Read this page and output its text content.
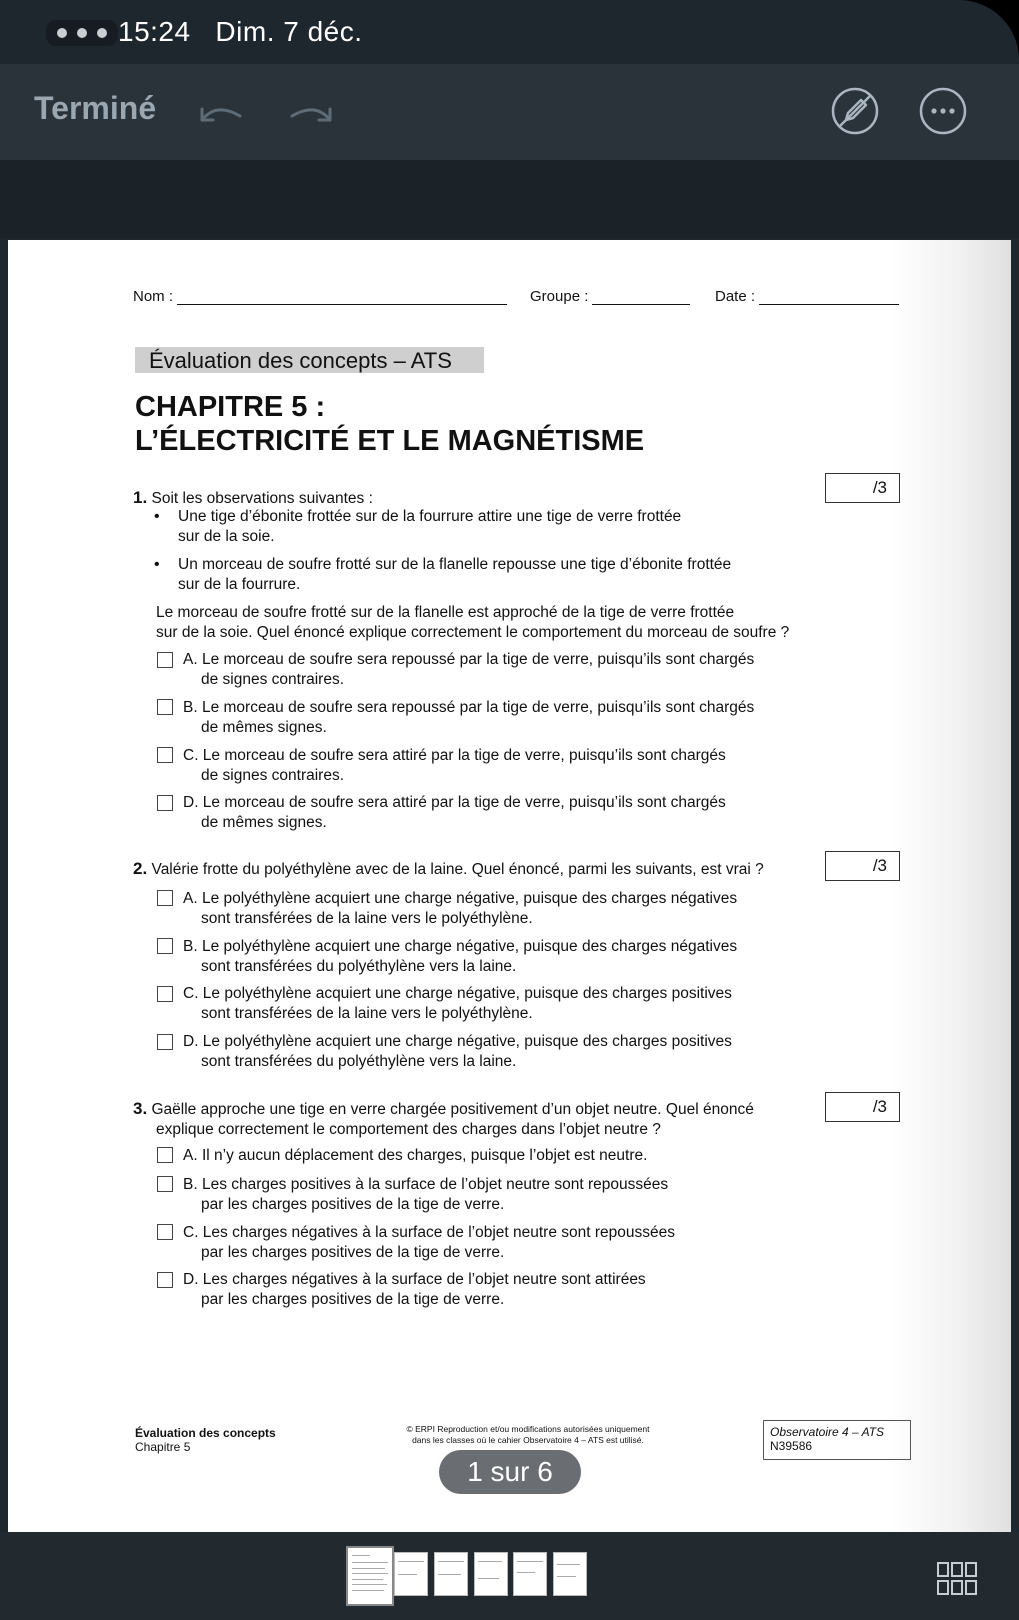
15:24 Dim. 7 déc.
Terminé
Nom :	Groupe :	Date :
Évaluation des concepts – ATS
CHAPITRE 5 :
L’ÉLECTRICITÉ ET LE MAGNÉTISME
1. Soit les observations suivantes :
/3
• Une tige d’ébonite frottée sur de la fourrure attire une tige de verre frottée
sur de la soie.
• Un morceau de soufre frotté sur de la flanelle repousse une tige d’ébonite frottée
sur de la fourrure.
Le morceau de soufre frotté sur de la flanelle est approché de la tige de verre frottée
sur de la soie. Quel énoncé explique correctement le comportement du morceau de soufre ?
A. Le morceau de soufre sera repoussé par la tige de verre, puisqu’ils sont chargés
de signes contraires.
B. Le morceau de soufre sera repoussé par la tige de verre, puisqu’ils sont chargés
de mêmes signes.
C. Le morceau de soufre sera attiré par la tige de verre, puisqu’ils sont chargés
de signes contraires.
D. Le morceau de soufre sera attiré par la tige de verre, puisqu’ils sont chargés
de mêmes signes.
2. Valérie frotte du polyéthylène avec de la laine. Quel énoncé, parmi les suivants, est vrai ?	/3
A. Le polyéthylène acquiert une charge négative, puisque des charges négatives
sont transférées de la laine vers le polyéthylène.
B. Le polyéthylène acquiert une charge négative, puisque des charges négatives
sont transférées du polyéthylène vers la laine.
C. Le polyéthylène acquiert une charge négative, puisque des charges positives
sont transférées de la laine vers le polyéthylène.
D. Le polyéthylène acquiert une charge négative, puisque des charges positives
sont transférées du polyéthylène vers la laine.
3. Gaëlle approche une tige en verre chargée positivement d’un objet neutre. Quel énoncé
explique correctement le comportement des charges dans l’objet neutre ?
/3
A. Il n’y aucun déplacement des charges, puisque l’objet est neutre.
B. Les charges positives à la surface de l’objet neutre sont repoussées
par les charges positives de la tige de verre.
C. Les charges négatives à la surface de l’objet neutre sont repoussées
par les charges positives de la tige de verre.
D. Les charges négatives à la surface de l’objet neutre sont attirées
par les charges positives de la tige de verre.
Évaluation des concepts
Chapitre 5
© ERPI Reproduction et/ou modifications autorisées uniquement
dans les classes où le cahier Observatoire 4 – ATS est utilisé.
Observatoire 4 – ATS
N39586
1 sur 6
